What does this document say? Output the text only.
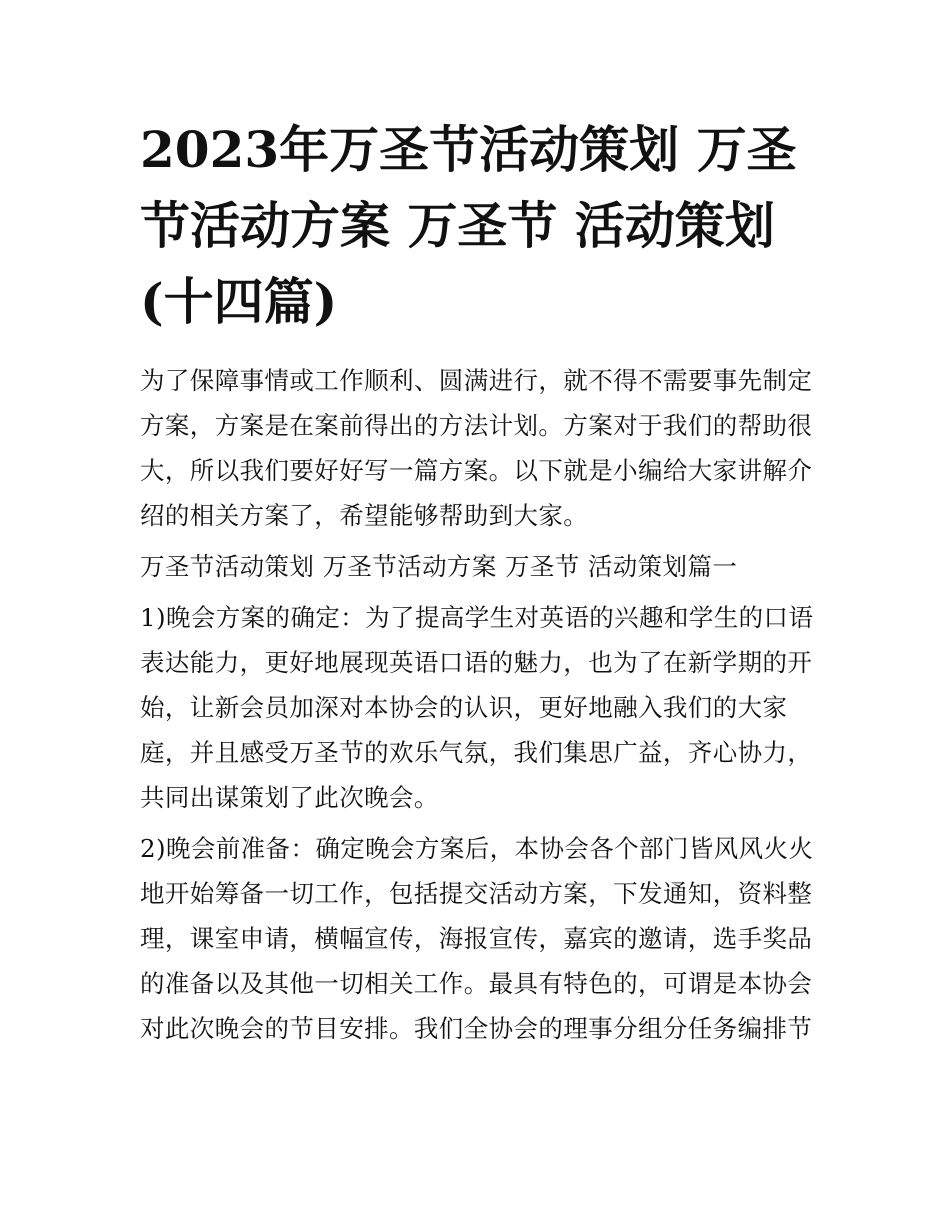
2023年万圣节活动策划 万圣节活动方案 万圣节 活动策划(十四篇)

为了保障事情或工作顺利、圆满进行，就不得不需要事先制定方案，方案是在案前得出的方法计划。方案对于我们的帮助很大，所以我们要好好写一篇方案。以下就是小编给大家讲解介绍的相关方案了，希望能够帮助到大家。

万圣节活动策划 万圣节活动方案 万圣节 活动策划篇一

1)晚会方案的确定：为了提高学生对英语的兴趣和学生的口语表达能力，更好地展现英语口语的魅力，也为了在新学期的开始，让新会员加深对本协会的认识，更好地融入我们的大家庭，并且感受万圣节的欢乐气氛，我们集思广益，齐心协力，共同出谋策划了此次晚会。

2)晚会前准备：确定晚会方案后，本协会各个部门皆风风火火地开始筹备一切工作，包括提交活动方案，下发通知，资料整理，课室申请，横幅宣传，海报宣传，嘉宾的邀请，选手奖品的准备以及其他一切相关工作。最具有特色的，可谓是本协会对此次晚会的节目安排。我们全协会的理事分组分任务编排节
